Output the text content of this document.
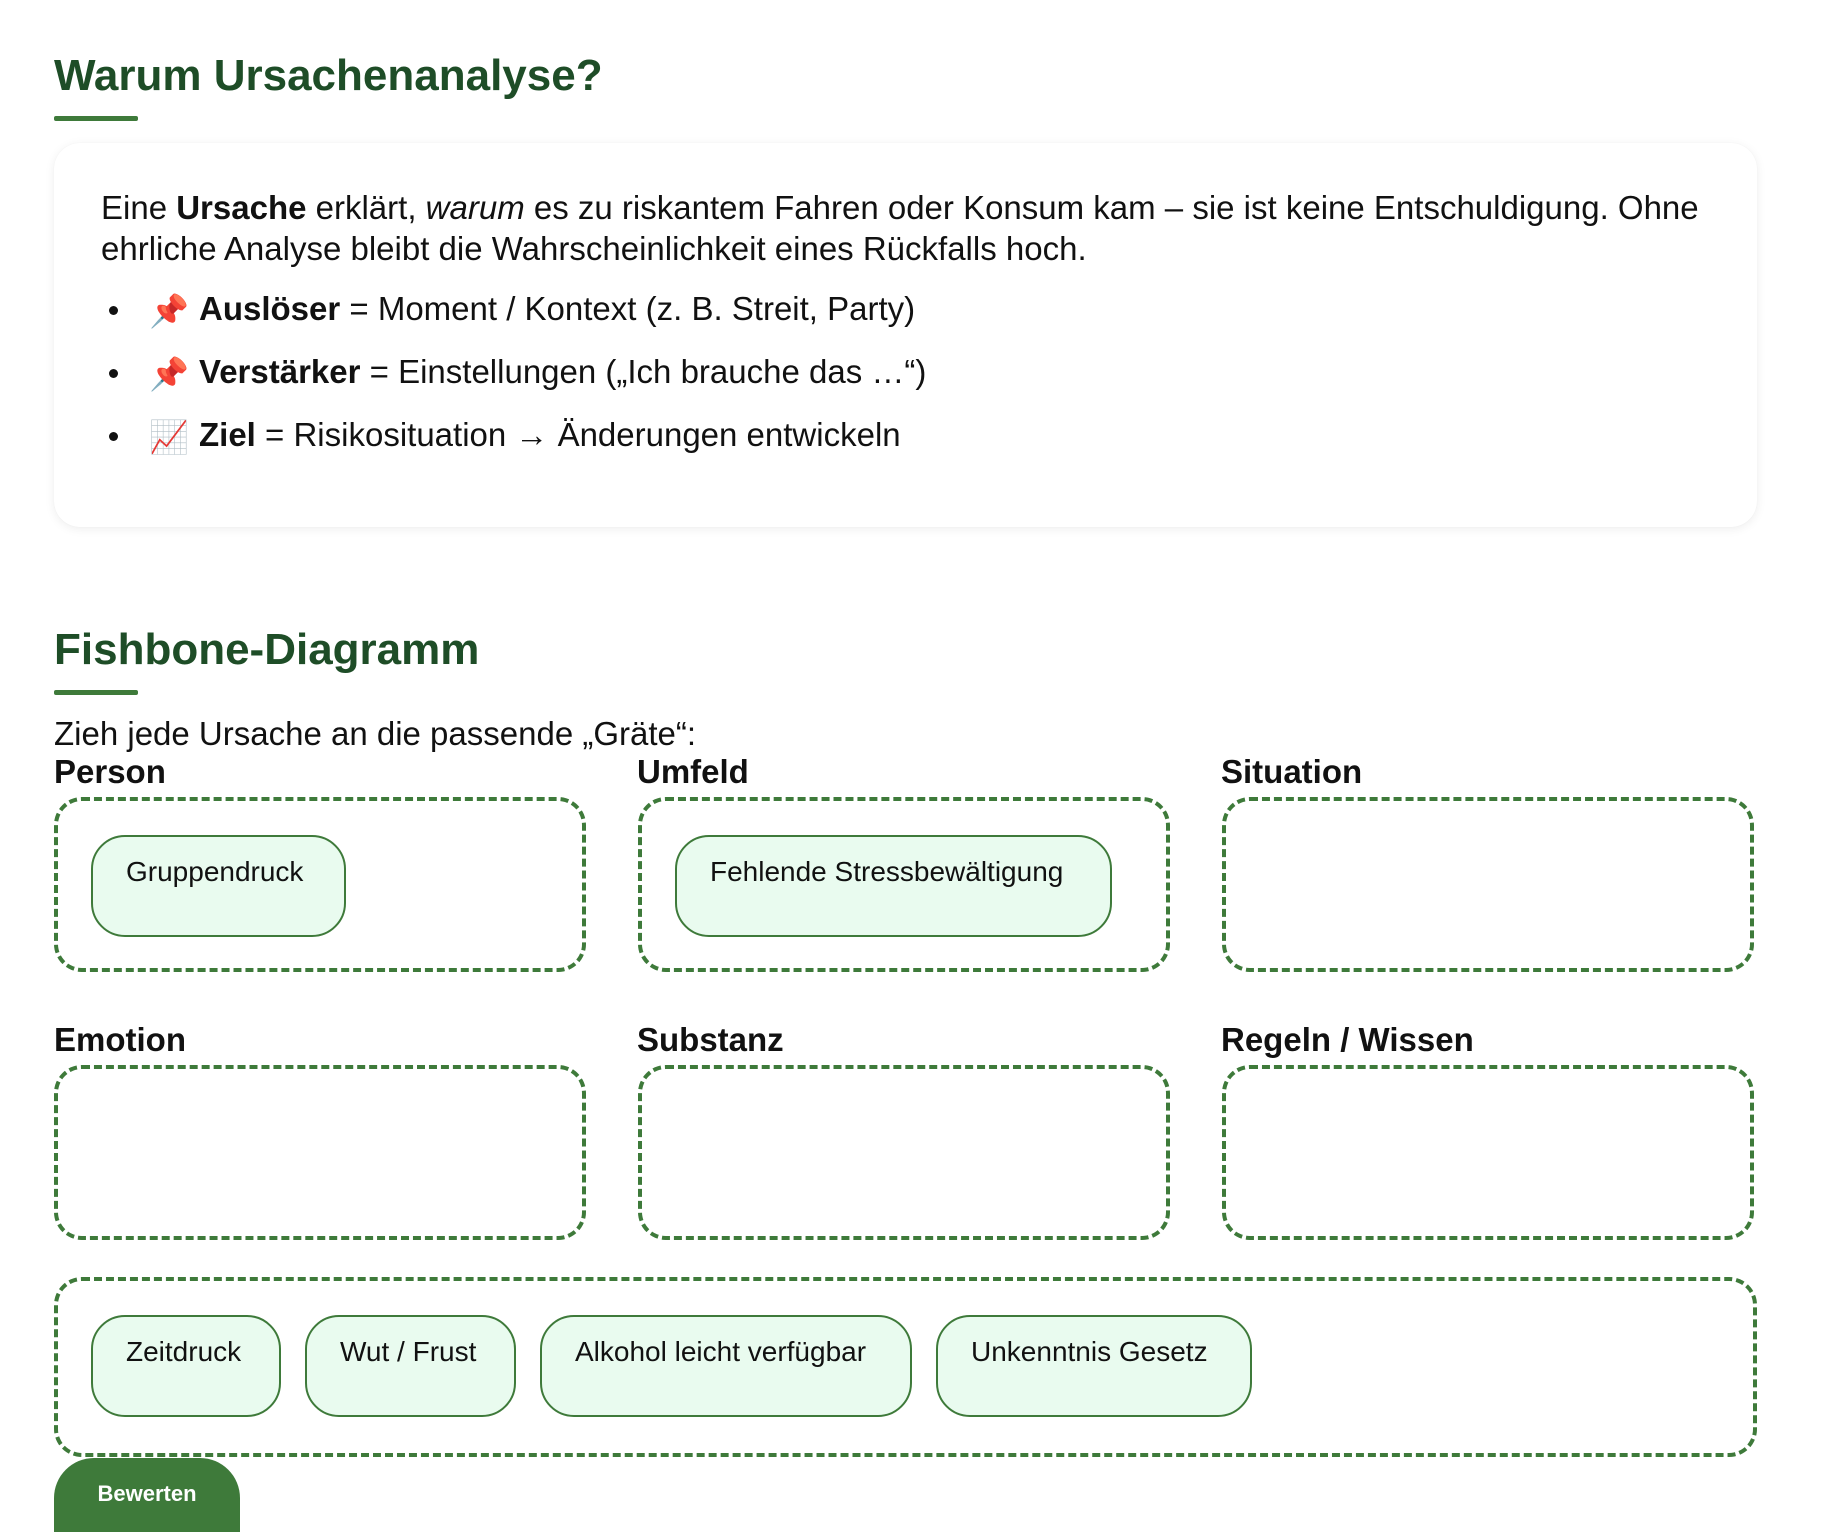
Warum Ursachenanalyse?

Eine Ursache erklärt, warum es zu riskantem Fahren oder Konsum kam – sie ist keine Entschuldigung. Ohne ehrliche Analyse bleibt die Wahrscheinlichkeit eines Rückfalls hoch.

📌 Auslöser = Moment / Kontext (z. B. Streit, Party)
📌 Verstärker = Einstellungen („Ich brauche das …“)
📈 Ziel = Risikosituation → Änderungen entwickeln
Fishbone-Diagramm

Zieh jede Ursache an die passende „Gräte“:

Person
Gruppendruck
Umfeld
Fehlende Stressbewältigung
Situation
Emotion	Substanz	Regeln / Wissen
Zeitdruck	Wut / Frust	Alkohol leicht verfügbar	Unkenntnis Gesetz
Bewerten
